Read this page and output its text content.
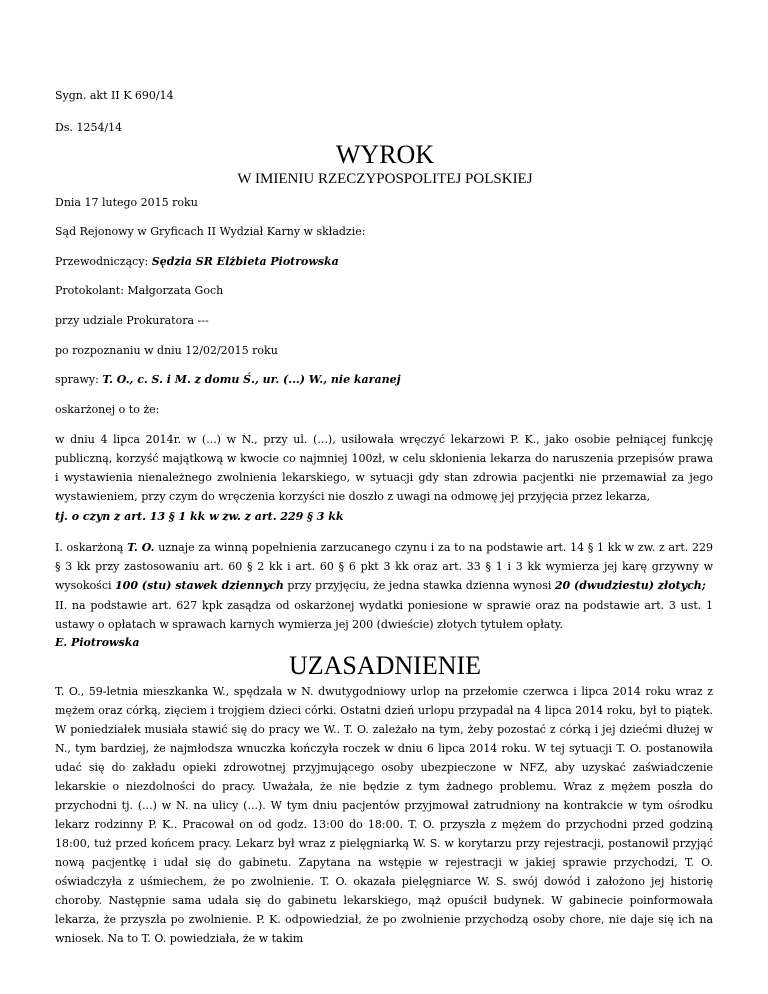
Sygn. akt II K 690/14
Ds. 1254/14
WYROK
W IMIENIU RZECZYPOSPOLITEJ POLSKIEJ
Dnia 17 lutego 2015 roku
Sąd Rejonowy w Gryficach II Wydział Karny w składzie:
Przewodniczący: Sędzia SR Elżbieta Piotrowska
Protokolant: Małgorzata Goch
przy udziale Prokuratora ---
po rozpoznaniu w dniu 12/02/2015 roku
sprawy: T. O., c. S. i M. z domu Ś., ur. (...) W., nie karanej
oskarżonej o to że:
w dniu 4 lipca 2014r. w (...) w N., przy ul. (...), usiłowała wręczyć lekarzowi P. K., jako osobie pełniącej funkcję publiczną, korzyść majątkową w kwocie co najmniej 100zł, w celu skłonienia lekarza do naruszenia przepisów prawa i wystawienia nienależnego zwolnienia lekarskiego, w sytuacji gdy stan zdrowia pacjentki nie przemawiał za jego wystawieniem, przy czym do wręczenia korzyści nie doszło z uwagi na odmowę jej przyjęcia przez lekarza,
tj. o czyn z art. 13 § 1 kk w zw. z art. 229 § 3 kk
I. oskarżoną T. O. uznaje za winną popełnienia zarzucanego czynu i za to na podstawie art. 14 § 1 kk w zw. z art. 229 § 3 kk przy zastosowaniu art. 60 § 2 kk i art. 60 § 6 pkt 3 kk oraz art. 33 § 1 i 3 kk wymierza jej karę grzywny w wysokości 100 (stu) stawek dziennych przy przyjęciu, że jedna stawka dzienna wynosi 20 (dwudziestu) złotych;
II. na podstawie art. 627 kpk zasądza od oskarżonej wydatki poniesione w sprawie oraz na podstawie art. 3 ust. 1 ustawy o opłatach w sprawach karnych wymierza jej 200 (dwieście) złotych tytułem opłaty.
E. Piotrowska
UZASADNIENIE
T. O., 59-letnia mieszkanka W., spędzała w N. dwutygodniowy urlop na przełomie czerwca i lipca 2014 roku wraz z mężem oraz córką, zięciem i trojgiem dzieci córki. Ostatni dzień urlopu przypadał na 4 lipca 2014 roku, był to piątek. W poniedziałek musiała stawić się do pracy we W.. T. O. zależało na tym, żeby pozostać z córką i jej dziećmi dłużej w N., tym bardziej, że najmłodsza wnuczka kończyła roczek w dniu 6 lipca 2014 roku. W tej sytuacji T. O. postanowiła udać się do zakładu opieki zdrowotnej przyjmującego osoby ubezpieczone w NFZ, aby uzyskać zaświadczenie lekarskie o niezdolności do pracy. Uważała, że nie będzie z tym żadnego problemu. Wraz z mężem poszła do przychodni tj. (...) w N. na ulicy (...). W tym dniu pacjentów przyjmował zatrudniony na kontrakcie w tym ośrodku lekarz rodzinny P. K.. Pracował on od godz. 13:00 do 18:00. T. O. przyszła z mężem do przychodni przed godziną 18:00, tuż przed końcem pracy. Lekarz był wraz z pielęgniarką W. S. w korytarzu przy rejestracji, postanowił przyjąć nową pacjentkę i udał się do gabinetu. Zapytana na wstępie w rejestracji w jakiej sprawie przychodzi, T. O. oświadczyła z uśmiechem, że po zwolnienie. T. O. okazała pielęgniarce W. S. swój dowód i założono jej historię choroby. Następnie sama udała się do gabinetu lekarskiego, mąż opuścił budynek. W gabinecie poinformowała lekarza, że przyszła po zwolnienie. P. K. odpowiedział, że po zwolnienie przychodzą osoby chore, nie daje się ich na wniosek. Na to T. O. powiedziała, że w takim
